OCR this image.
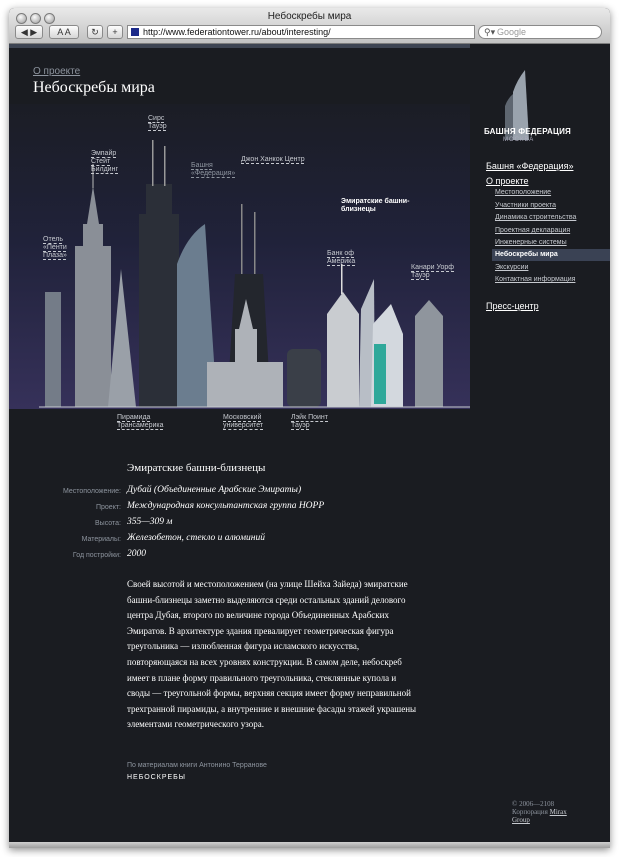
Небоскребы мира
◀ ▶	A A	↻	+	http://www.federationtower.ru/about/interesting/	⚲▾ Google
О проекте
Небоскребы мира
Сирс
Тауэр
Эмпайр
Стейт
Билдинг
Башня
«Федерация»
Джон Ханкок Центр
Эмиратские башни-
близнецы
Отель
«Пенти
Плаза»	Банк оф
Америка
Канари Уорф
Тауэр
Пирамида
Трансамерика
Московский
университет
Лэйк Поинт
Тауэр
БАШНЯ ФЕДЕРАЦИЯ
МОСКВА
Башня «Федерация»
О проекте
Местоположение
Участники проекта
Динамика строительства
Проектная декларация
Инженерные системы
Небоскребы мира
Экскурсии
Контактная информация
Пресс-центр
Эмиратские башни-близнецы
Местоположение: Дубай (Объединенные Арабские Эмираты)
Проект: Международная консультантская группа НОРР
Высота: 355—309 м
Материалы: Железобетон, стекло и алюминий
Год постройки: 2000

Своей высотой и местоположением (на улице Шейха Зайеда) эмиратские башни-близнецы заметно выделяются среди остальных зданий делового центра Дубая, второго по величине города Объединенных Арабских Эмиратов. В архитектуре здания превалирует геометрическая фигура треугольника — излюбленная фигура исламского искусства, повторяющаяся на всех уровнях конструкции. В самом деле, небоскреб имеет в плане форму правильного треугольника, стеклянные купола и своды — треугольной формы, верхняя секция имеет форму неправильной трехгранной пирамиды, а внутренние и внешние фасады этажей украшены элементами геометрического узора.

По материалам книги Антонино Терранове
НЕБОСКРЕБЫ
© 2006—2108
Корпорация Mirax
Group
